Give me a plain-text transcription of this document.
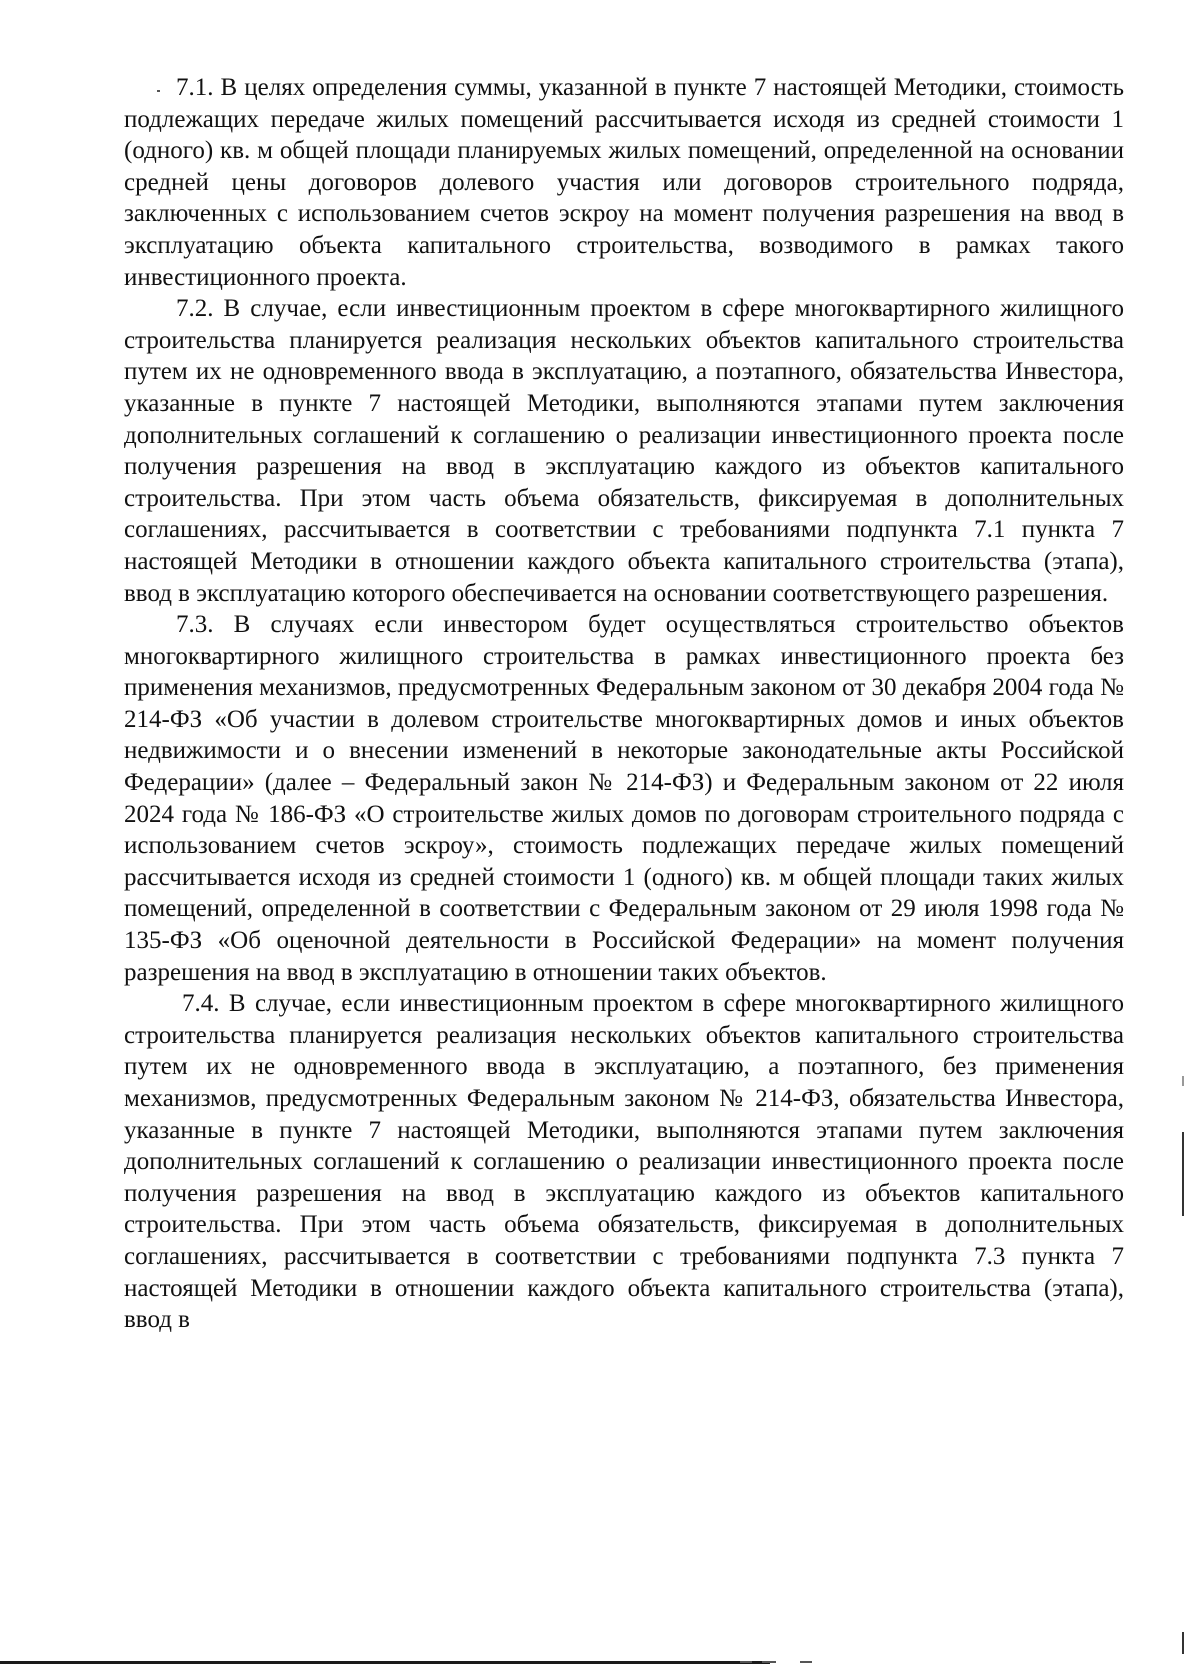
7.1. В целях определения суммы, указанной в пункте 7 настоящей Методики, стоимость подлежащих передаче жилых помещений рассчитывается исходя из средней стоимости 1 (одного) кв. м общей площади планируемых жилых помещений, определенной на основании средней цены договоров долевого участия или договоров строительного подряда, заключенных с использованием счетов эскроу на момент получения разрешения на ввод в эксплуатацию объекта капитального строительства, возводимого в рамках такого инвестиционного проекта.

7.2. В случае, если инвестиционным проектом в сфере многоквартирного жилищного строительства планируется реализация нескольких объектов капитального строительства путем их не одновременного ввода в эксплуатацию, а поэтапного, обязательства Инвестора, указанные в пункте 7 настоящей Методики, выполняются этапами путем заключения дополнительных соглашений к соглашению о реализации инвестиционного проекта после получения разрешения на ввод в эксплуатацию каждого из объектов капитального строительства. При этом часть объема обязательств, фиксируемая в дополнительных соглашениях, рассчитывается в соответствии с требованиями подпункта 7.1 пункта 7 настоящей Методики в отношении каждого объекта капитального строительства (этапа), ввод в эксплуатацию которого обеспечивается на основании соответствующего разрешения.

7.3. В случаях если инвестором будет осуществляться строительство объектов многоквартирного жилищного строительства в рамках инвестиционного проекта без применения механизмов, предусмотренных Федеральным законом от 30 декабря 2004 года № 214-ФЗ «Об участии в долевом строительстве многоквартирных домов и иных объектов недвижимости и о внесении изменений в некоторые законодательные акты Российской Федерации» (далее – Федеральный закон № 214-ФЗ) и Федеральным законом от 22 июля 2024 года № 186-ФЗ «О строительстве жилых домов по договорам строительного подряда с использованием счетов эскроу», стоимость подлежащих передаче жилых помещений рассчитывается исходя из средней стоимости 1 (одного) кв. м общей площади таких жилых помещений, определенной в соответствии с Федеральным законом от 29 июля 1998 года № 135-ФЗ «Об оценочной деятельности в Российской Федерации» на момент получения разрешения на ввод в эксплуатацию в отношении таких объектов.

7.4. В случае, если инвестиционным проектом в сфере многоквартирного жилищного строительства планируется реализация нескольких объектов капитального строительства путем их не одновременного ввода в эксплуатацию, а поэтапного, без применения механизмов, предусмотренных Федеральным законом № 214-ФЗ, обязательства Инвестора, указанные в пункте 7 настоящей Методики, выполняются этапами путем заключения дополнительных соглашений к соглашению о реализации инвестиционного проекта после получения разрешения на ввод в эксплуатацию каждого из объектов капитального строительства. При этом часть объема обязательств, фиксируемая в дополнительных соглашениях, рассчитывается в соответствии с требованиями подпункта 7.3 пункта 7 настоящей Методики в отношении каждого объекта капитального строительства (этапа), ввод в
